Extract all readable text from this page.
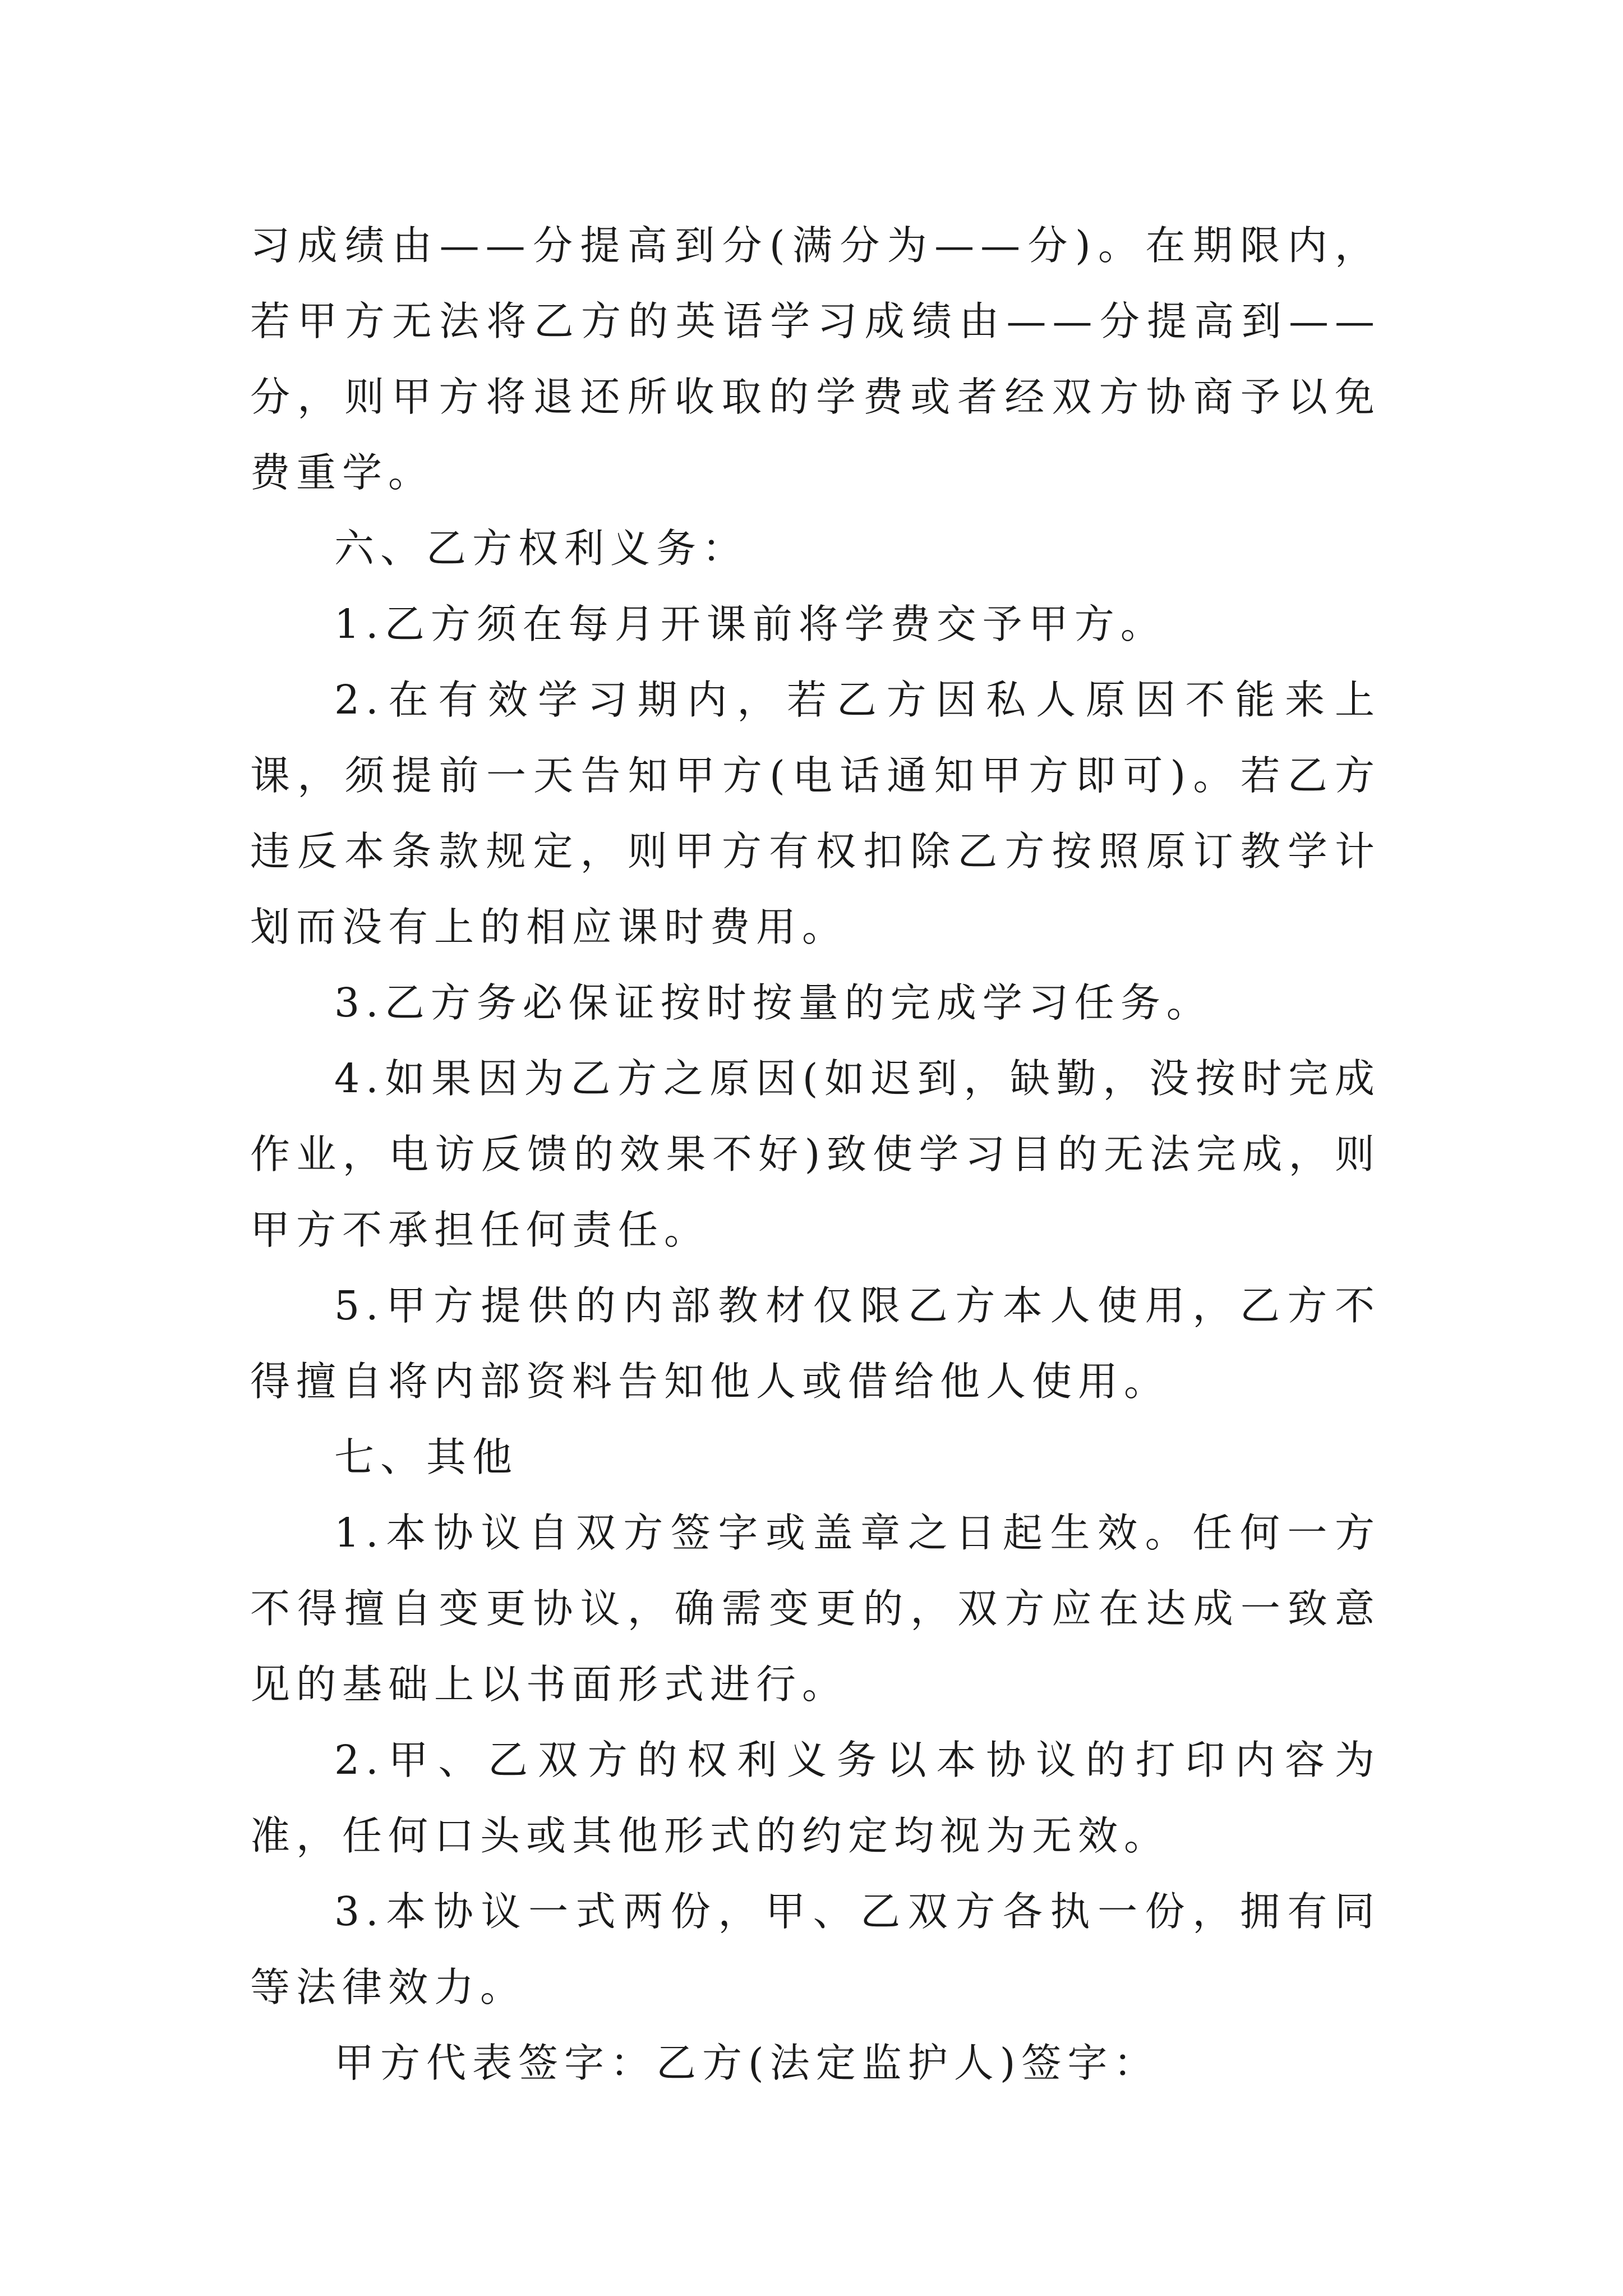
习成绩由——分提高到分(满分为——分)。在期限内，若甲方无法将乙方的英语学习成绩由——分提高到——分，则甲方将退还所收取的学费或者经双方协商予以免费重学。

六、乙方权利义务：

1.乙方须在每月开课前将学费交予甲方。

2.在有效学习期内，若乙方因私人原因不能来上课，须提前一天告知甲方(电话通知甲方即可)。若乙方违反本条款规定，则甲方有权扣除乙方按照原订教学计划而没有上的相应课时费用。

3.乙方务必保证按时按量的完成学习任务。

4.如果因为乙方之原因(如迟到，缺勤，没按时完成作业，电访反馈的效果不好)致使学习目的无法完成，则甲方不承担任何责任。

5.甲方提供的内部教材仅限乙方本人使用，乙方不得擅自将内部资料告知他人或借给他人使用。

七、其他

1.本协议自双方签字或盖章之日起生效。任何一方不得擅自变更协议，确需变更的，双方应在达成一致意见的基础上以书面形式进行。

2.甲、乙双方的权利义务以本协议的打印内容为准，任何口头或其他形式的约定均视为无效。

3.本协议一式两份，甲、乙双方各执一份，拥有同等法律效力。

甲方代表签字：乙方(法定监护人)签字：
